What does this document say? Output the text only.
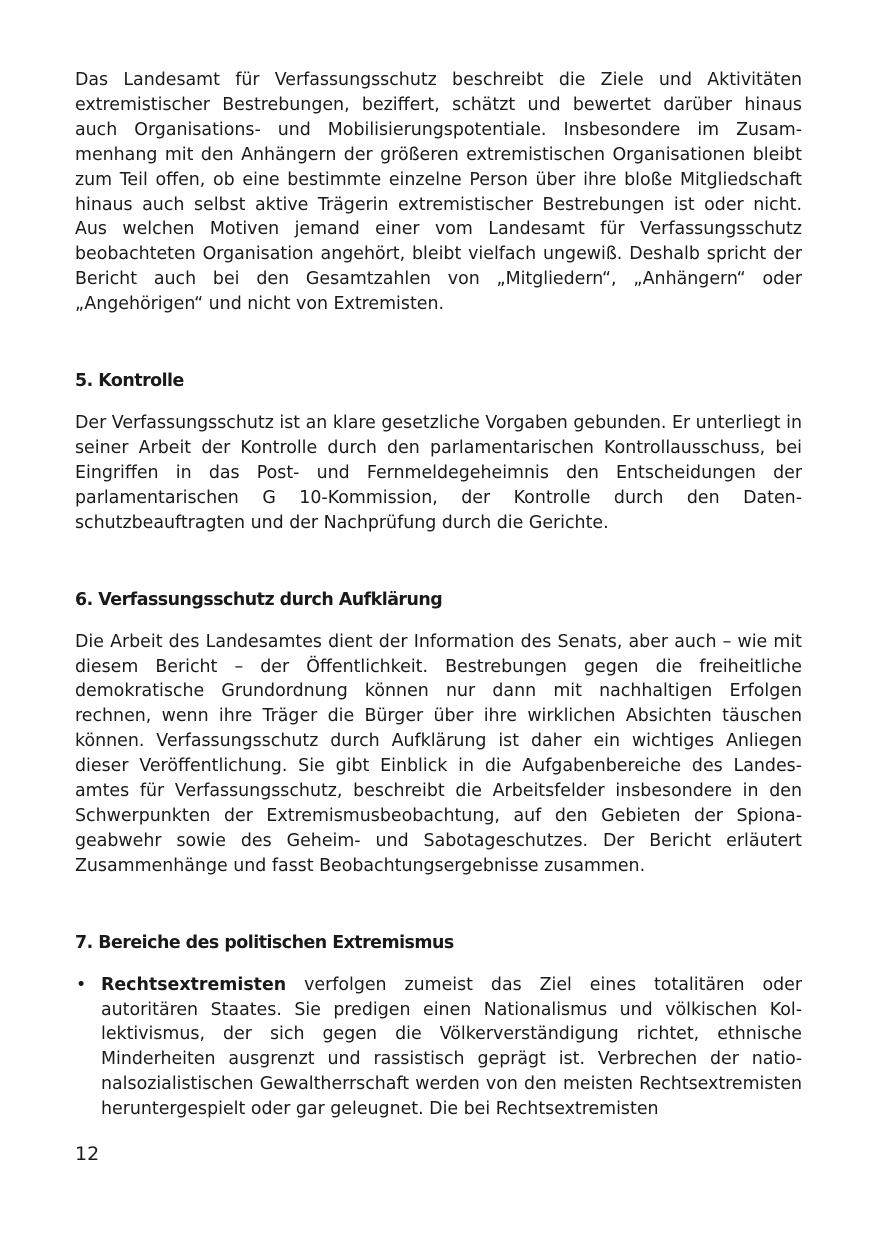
Das Landesamt für Verfassungsschutz beschreibt die Ziele und Aktivitäten extremistischer Bestrebungen, beziffert, schätzt und bewertet darüber hinaus auch Organisations- und Mobilisierungspotentiale. Insbesondere im Zusammenhang mit den Anhängern der größeren extremistischen Organisationen bleibt zum Teil offen, ob eine bestimmte einzelne Person über ihre bloße Mitgliedschaft hinaus auch selbst aktive Trägerin extremistischer Bestrebungen ist oder nicht. Aus welchen Motiven jemand einer vom Landesamt für Verfassungsschutz beobachteten Organisation angehört, bleibt vielfach ungewiß. Deshalb spricht der Bericht auch bei den Gesamtzahlen von „Mitgliedern“, „Anhängern“ oder „Angehörigen“ und nicht von Extremisten.

5. Kontrolle

Der Verfassungsschutz ist an klare gesetzliche Vorgaben gebunden. Er unterliegt in seiner Arbeit der Kontrolle durch den parlamentarischen Kontrollausschuss, bei Eingriffen in das Post- und Fernmeldegeheimnis den Entscheidungen der parlamentarischen G 10-Kommission, der Kontrolle durch den Datenschutzbeauftragten und der Nachprüfung durch die Gerichte.

6. Verfassungsschutz durch Aufklärung

Die Arbeit des Landesamtes dient der Information des Senats, aber auch – wie mit diesem Bericht – der Öffentlichkeit. Bestrebungen gegen die freiheitliche demokratische Grundordnung können nur dann mit nachhaltigen Erfolgen rechnen, wenn ihre Träger die Bürger über ihre wirklichen Absichten täuschen können. Verfassungsschutz durch Aufklärung ist daher ein wichtiges Anliegen dieser Veröffentlichung. Sie gibt Einblick in die Aufgabenbereiche des Landesamtes für Verfassungsschutz, beschreibt die Arbeitsfelder insbesondere in den Schwerpunkten der Extremismusbeobachtung, auf den Gebieten der Spionageabwehr sowie des Geheim- und Sabotageschutzes. Der Bericht erläutert Zusammenhänge und fasst Beobachtungsergebnisse zusammen.

7. Bereiche des politischen Extremismus
• Rechtsextremisten verfolgen zumeist das Ziel eines totalitären oder autoritären Staates. Sie predigen einen Nationalismus und völkischen Kollektivismus, der sich gegen die Völkerverständigung richtet, ethnische Minderheiten ausgrenzt und rassistisch geprägt ist. Verbrechen der nationalsozialistischen Gewaltherrschaft werden von den meisten Rechtsextremisten heruntergespielt oder gar geleugnet. Die bei Rechtsextremisten

12
